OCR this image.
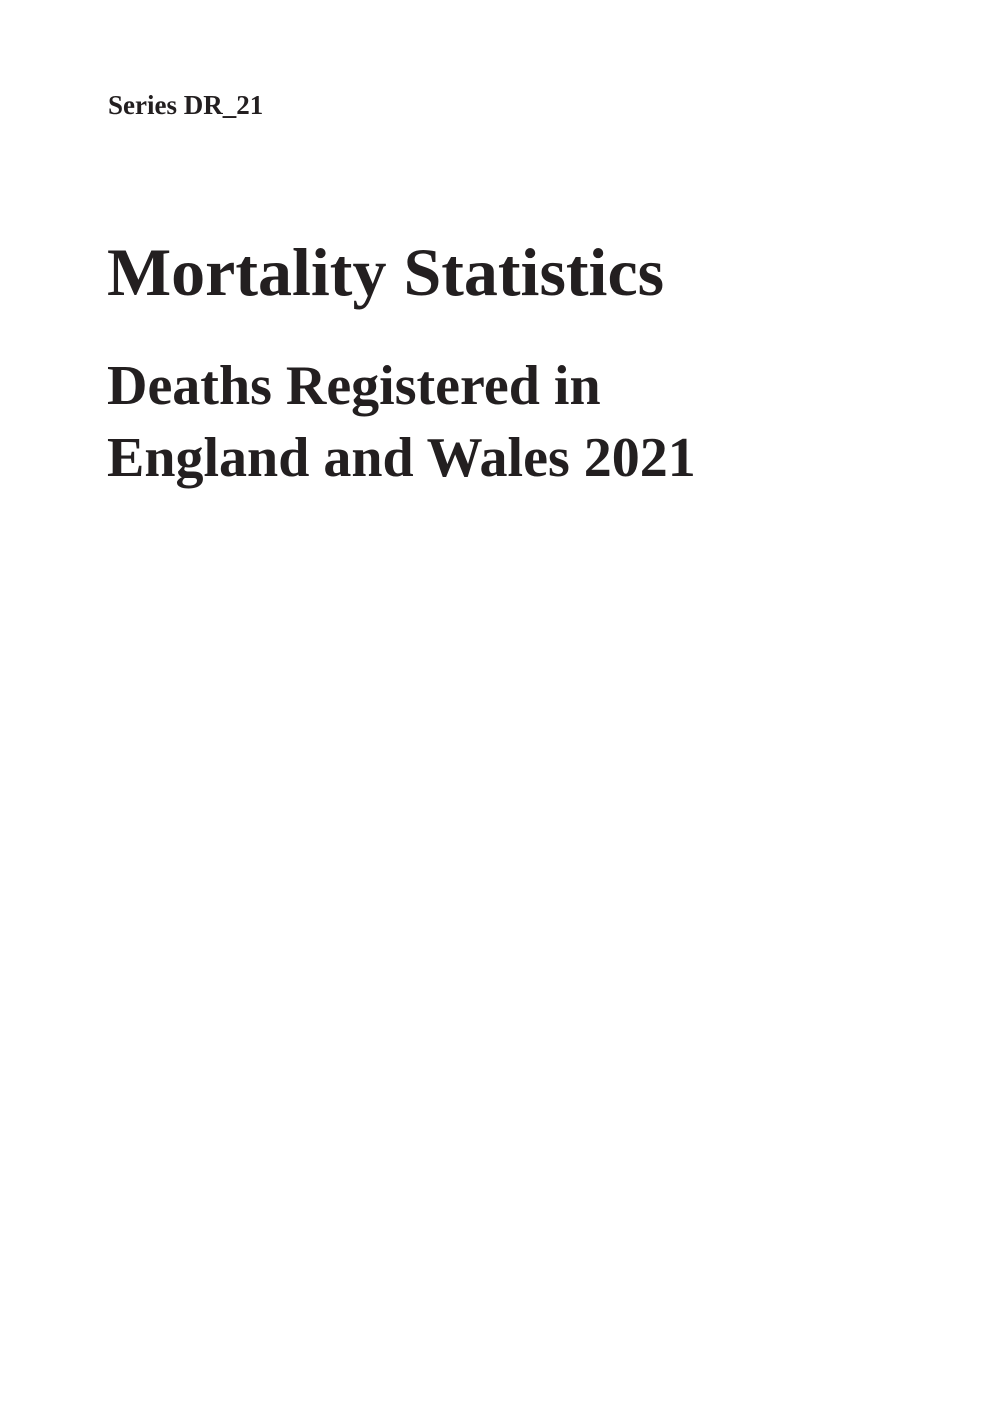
Series DR_21

Mortality Statistics
Deaths Registered in
England and Wales 2021
